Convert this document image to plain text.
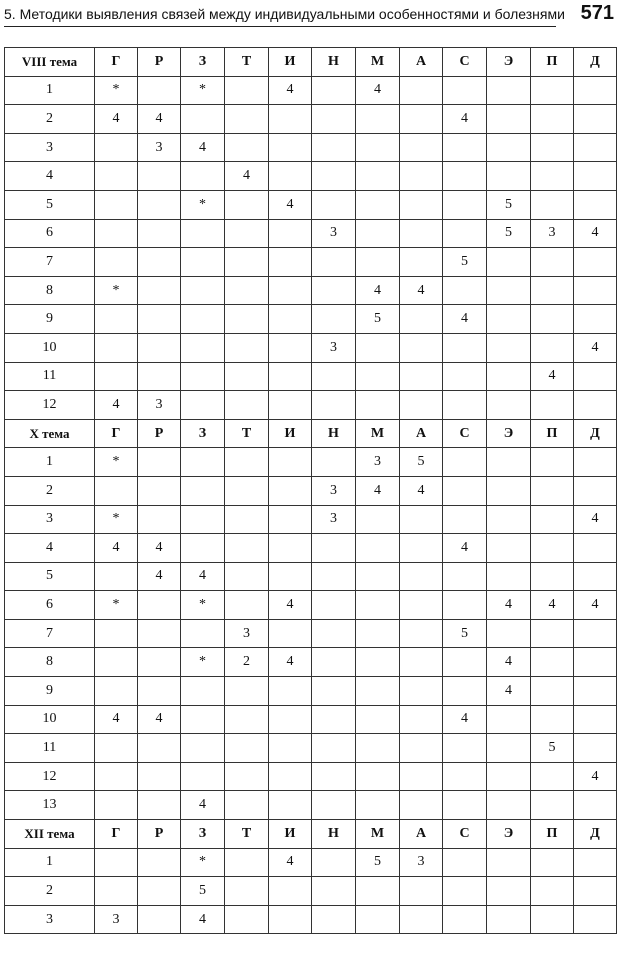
5. Методики выявления связей между индивидуальными особенностями и болезнями 571
VIII тема	Г	Р	З	Т	И	Н	М	А	С	Э	П	Д
1	*		*		4		4					
2	4	4							4			
3		3	4									
4				4								
5			*		4					5		
6						3				5	3	4
7									5			
8	*						4	4				
9							5		4			
10						3						4
11											4	
12	4	3										
X тема	Г	Р	З	Т	И	Н	М	А	С	Э	П	Д
1	*						3	5				
2						3	4	4				
3	*					3						4
4	4	4							4			
5		4	4									
6	*		*		4					4	4	4
7				3					5			
8			*	2	4					4		
9										4		
10	4	4							4			
11											5	
12												4
13			4									
XII тема	Г	Р	З	Т	И	Н	М	А	С	Э	П	Д
1			*		4		5	3				
2			5									
3	3		4									
